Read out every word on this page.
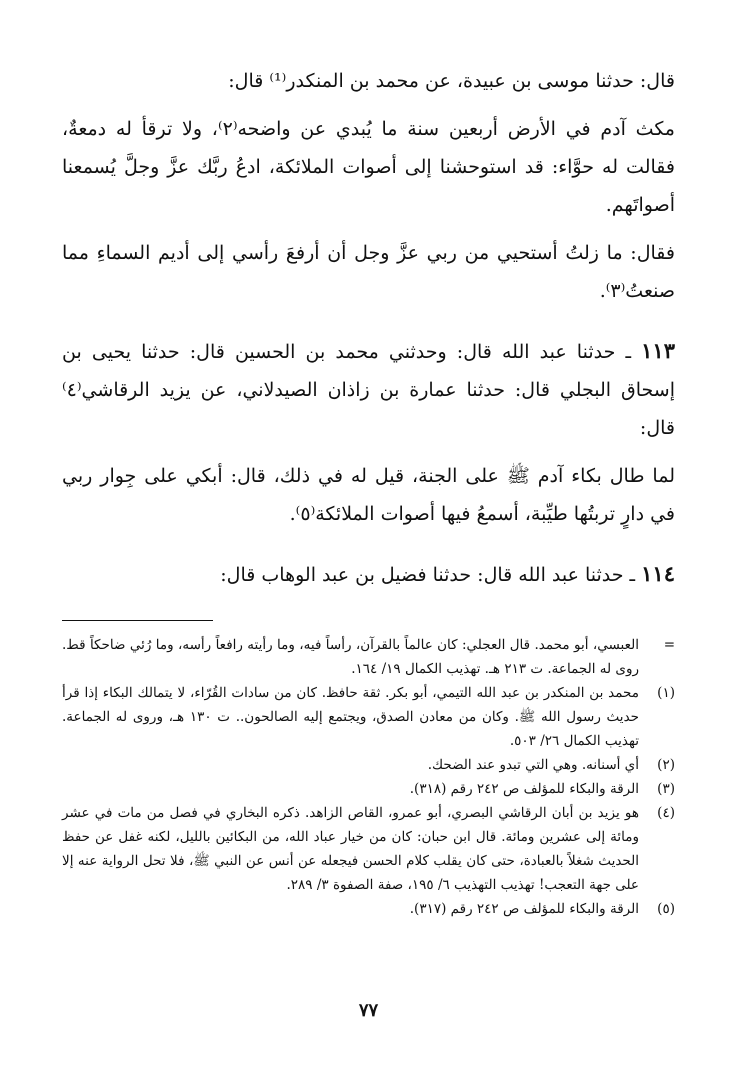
قال: حدثنا موسى بن عبيدة، عن محمد بن المنكدر⁽¹⁾ قال:

مكث آدم في الأرض أربعين سنة ما يُبدي عن واضحه⁽٢⁾، ولا ترقأ له دمعةٌ، فقالت له حوَّاء: قد استوحشنا إلى أصوات الملائكة، ادعُ ربَّك عزَّ وجلَّ يُسمعنا أصواتَهم.

فقال: ما زلتُ أستحيي من ربي عزَّ وجل أن أرفعَ رأسي إلى أديم السماءِ مما صنعتُ⁽٣⁾.

١١٣ ـ حدثنا عبد الله قال: وحدثني محمد بن الحسين قال: حدثنا يحيى بن إسحاق البجلي قال: حدثنا عمارة بن زاذان الصيدلاني، عن يزيد الرقاشي⁽٤⁾ قال:

لما طال بكاء آدم ﷺ على الجنة، قيل له في ذلك، قال: أبكي على جِوار ربي في دارٍ تربتُها طيِّبة، أسمعُ فيها أصوات الملائكة⁽٥⁾.

١١٤ ـ حدثنا عبد الله قال: حدثنا فضيل بن عبد الوهاب قال:

=
العبسي، أبو محمد. قال العجلي: كان عالماً بالقرآن، رأساً فيه، وما رأيته رافعاً رأسه، وما رُئي ضاحكاً قط. روى له الجماعة. ت ٢١٣ هـ. تهذيب الكمال ١٩/ ١٦٤.
(١)
محمد بن المنكدر بن عبد الله التيمي، أبو بكر. ثقة حافظ. كان من سادات القُرّاء، لا يتمالك البكاء إذا قرأ حديث رسول الله ﷺ. وكان من معادن الصدق، ويجتمع إليه الصالحون.. ت ١٣٠ هـ، وروى له الجماعة. تهذيب الكمال ٢٦/ ٥٠٣.
(٢)
أي أسنانه. وهي التي تبدو عند الضحك.
(٣)
الرقة والبكاء للمؤلف ص ٢٤٢ رقم (٣١٨).
(٤)
هو يزيد بن أبان الرقاشي البصري، أبو عمرو، القاص الزاهد. ذكره البخاري في فصل من مات في عشر ومائة إلى عشرين ومائة. قال ابن حبان: كان من خيار عباد الله، من البكائين بالليل، لكنه غفل عن حفظ الحديث شغلاً بالعبادة، حتى كان يقلب كلام الحسن فيجعله عن أنس عن النبي ﷺ، فلا تحل الرواية عنه إلا على جهة التعجب! تهذيب التهذيب ٦/ ١٩٥، صفة الصفوة ٣/ ٢٨٩.
(٥)
الرقة والبكاء للمؤلف ص ٢٤٢ رقم (٣١٧).
٧٧
